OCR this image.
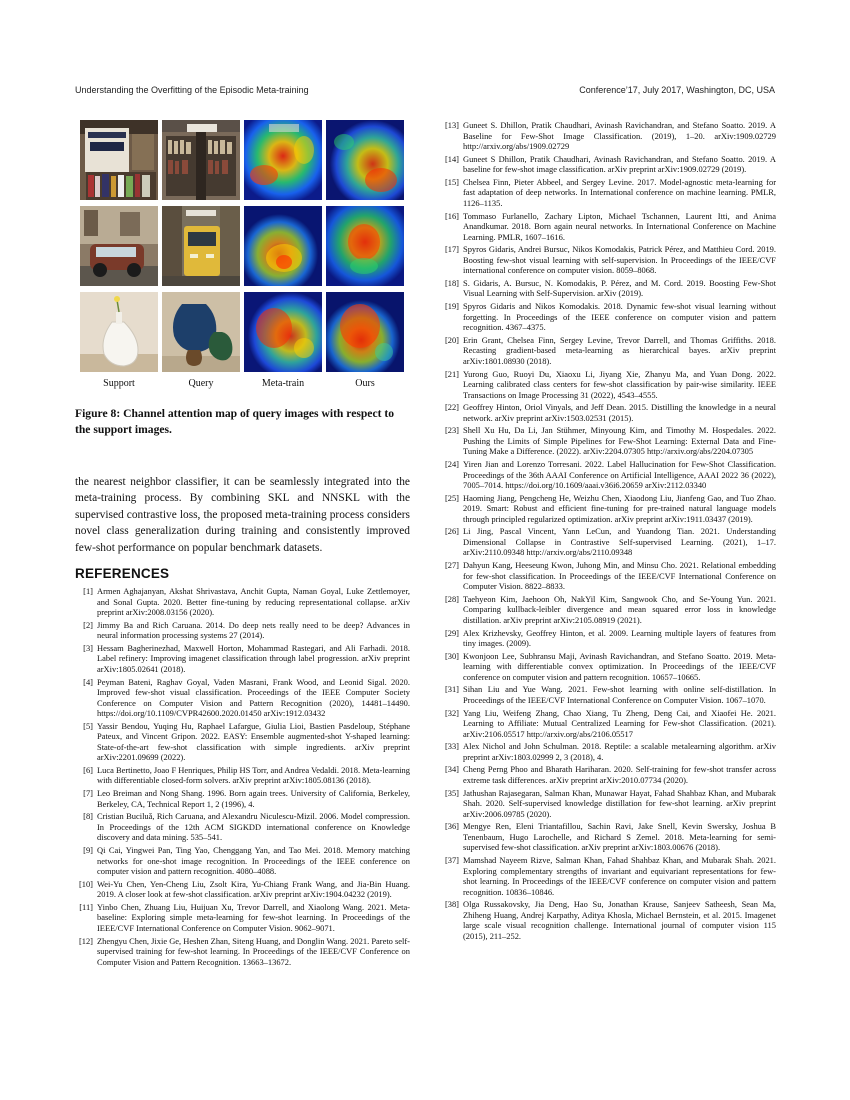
Understanding the Overfitting of the Episodic Meta-training	Conference’17, July 2017, Washington, DC, USA
Support	Query	Meta-train	Ours
Figure 8: Channel attention map of query images with respect to the support images.
the nearest neighbor classifier, it can be seamlessly integrated into the meta-training process. By combining SKL and NNSKL with the supervised contrastive loss, the proposed meta-training process considers novel class generalization during training and consistently improved few-shot performance on popular benchmark datasets.
REFERENCES
[1] Armen Aghajanyan, Akshat Shrivastava, Anchit Gupta, Naman Goyal, Luke Zettlemoyer, and Sonal Gupta. 2020. Better fine-tuning by reducing representational collapse. arXiv preprint arXiv:2008.03156 (2020).
[2] Jimmy Ba and Rich Caruana. 2014. Do deep nets really need to be deep? Advances in neural information processing systems 27 (2014).
[3] Hessam Bagherinezhad, Maxwell Horton, Mohammad Rastegari, and Ali Farhadi. 2018. Label refinery: Improving imagenet classification through label progression. arXiv preprint arXiv:1805.02641 (2018).
[4] Peyman Bateni, Raghav Goyal, Vaden Masrani, Frank Wood, and Leonid Sigal. 2020. Improved few-shot visual classification. Proceedings of the IEEE Computer Society Conference on Computer Vision and Pattern Recognition (2020), 14481–14490. https://doi.org/10.1109/CVPR42600.2020.01450 arXiv:1912.03432
[5] Yassir Bendou, Yuqing Hu, Raphael Lafargue, Giulia Lioi, Bastien Pasdeloup, Stéphane Pateux, and Vincent Gripon. 2022. EASY: Ensemble augmented-shot Y-shaped learning: State-of-the-art few-shot classification with simple ingredients. arXiv preprint arXiv:2201.09699 (2022).
[6] Luca Bertinetto, Joao F Henriques, Philip HS Torr, and Andrea Vedaldi. 2018. Meta-learning with differentiable closed-form solvers. arXiv preprint arXiv:1805.08136 (2018).
[7] Leo Breiman and Nong Shang. 1996. Born again trees. University of California, Berkeley, Berkeley, CA, Technical Report 1, 2 (1996), 4.
[8] Cristian Buciluǎ, Rich Caruana, and Alexandru Niculescu-Mizil. 2006. Model compression. In Proceedings of the 12th ACM SIGKDD international conference on Knowledge discovery and data mining. 535–541.
[9] Qi Cai, Yingwei Pan, Ting Yao, Chenggang Yan, and Tao Mei. 2018. Memory matching networks for one-shot image recognition. In Proceedings of the IEEE conference on computer vision and pattern recognition. 4080–4088.
[10] Wei-Yu Chen, Yen-Cheng Liu, Zsolt Kira, Yu-Chiang Frank Wang, and Jia-Bin Huang. 2019. A closer look at few-shot classification. arXiv preprint arXiv:1904.04232 (2019).
[11] Yinbo Chen, Zhuang Liu, Huijuan Xu, Trevor Darrell, and Xiaolong Wang. 2021. Meta-baseline: Exploring simple meta-learning for few-shot learning. In Proceedings of the IEEE/CVF International Conference on Computer Vision. 9062–9071.
[12] Zhengyu Chen, Jixie Ge, Heshen Zhan, Siteng Huang, and Donglin Wang. 2021. Pareto self-supervised training for few-shot learning. In Proceedings of the IEEE/CVF Conference on Computer Vision and Pattern Recognition. 13663–13672.
[13] Guneet S. Dhillon, Pratik Chaudhari, Avinash Ravichandran, and Stefano Soatto. 2019. A Baseline for Few-Shot Image Classification. (2019), 1–20. arXiv:1909.02729 http://arxiv.org/abs/1909.02729
[14] Guneet S Dhillon, Pratik Chaudhari, Avinash Ravichandran, and Stefano Soatto. 2019. A baseline for few-shot image classification. arXiv preprint arXiv:1909.02729 (2019).
[15] Chelsea Finn, Pieter Abbeel, and Sergey Levine. 2017. Model-agnostic meta-learning for fast adaptation of deep networks. In International conference on machine learning. PMLR, 1126–1135.
[16] Tommaso Furlanello, Zachary Lipton, Michael Tschannen, Laurent Itti, and Anima Anandkumar. 2018. Born again neural networks. In International Conference on Machine Learning. PMLR, 1607–1616.
[17] Spyros Gidaris, Andrei Bursuc, Nikos Komodakis, Patrick Pérez, and Matthieu Cord. 2019. Boosting few-shot visual learning with self-supervision. In Proceedings of the IEEE/CVF international conference on computer vision. 8059–8068.
[18] S. Gidaris, A. Bursuc, N. Komodakis, P. Pérez, and M. Cord. 2019. Boosting Few-Shot Visual Learning with Self-Supervision. arXiv (2019).
[19] Spyros Gidaris and Nikos Komodakis. 2018. Dynamic few-shot visual learning without forgetting. In Proceedings of the IEEE conference on computer vision and pattern recognition. 4367–4375.
[20] Erin Grant, Chelsea Finn, Sergey Levine, Trevor Darrell, and Thomas Griffiths. 2018. Recasting gradient-based meta-learning as hierarchical bayes. arXiv preprint arXiv:1801.08930 (2018).
[21] Yurong Guo, Ruoyi Du, Xiaoxu Li, Jiyang Xie, Zhanyu Ma, and Yuan Dong. 2022. Learning calibrated class centers for few-shot classification by pair-wise similarity. IEEE Transactions on Image Processing 31 (2022), 4543–4555.
[22] Geoffrey Hinton, Oriol Vinyals, and Jeff Dean. 2015. Distilling the knowledge in a neural network. arXiv preprint arXiv:1503.02531 (2015).
[23] Shell Xu Hu, Da Li, Jan Stühmer, Minyoung Kim, and Timothy M. Hospedales. 2022. Pushing the Limits of Simple Pipelines for Few-Shot Learning: External Data and Fine-Tuning Make a Difference. (2022). arXiv:2204.07305 http://arxiv.org/abs/2204.07305
[24] Yiren Jian and Lorenzo Torresani. 2022. Label Hallucination for Few-Shot Classification. Proceedings of the 36th AAAI Conference on Artificial Intelligence, AAAI 2022 36 (2022), 7005–7014. https://doi.org/10.1609/aaai.v36i6.20659 arXiv:2112.03340
[25] Haoming Jiang, Pengcheng He, Weizhu Chen, Xiaodong Liu, Jianfeng Gao, and Tuo Zhao. 2019. Smart: Robust and efficient fine-tuning for pre-trained natural language models through principled regularized optimization. arXiv preprint arXiv:1911.03437 (2019).
[26] Li Jing, Pascal Vincent, Yann LeCun, and Yuandong Tian. 2021. Understanding Dimensional Collapse in Contrastive Self-supervised Learning. (2021), 1–17. arXiv:2110.09348 http://arxiv.org/abs/2110.09348
[27] Dahyun Kang, Heeseung Kwon, Juhong Min, and Minsu Cho. 2021. Relational embedding for few-shot classification. In Proceedings of the IEEE/CVF International Conference on Computer Vision. 8822–8833.
[28] Taehyeon Kim, Jaehoon Oh, NakYil Kim, Sangwook Cho, and Se-Young Yun. 2021. Comparing kullback-leibler divergence and mean squared error loss in knowledge distillation. arXiv preprint arXiv:2105.08919 (2021).
[29] Alex Krizhevsky, Geoffrey Hinton, et al. 2009. Learning multiple layers of features from tiny images. (2009).
[30] Kwonjoon Lee, Subhransu Maji, Avinash Ravichandran, and Stefano Soatto. 2019. Meta-learning with differentiable convex optimization. In Proceedings of the IEEE/CVF conference on computer vision and pattern recognition. 10657–10665.
[31] Sihan Liu and Yue Wang. 2021. Few-shot learning with online self-distillation. In Proceedings of the IEEE/CVF International Conference on Computer Vision. 1067–1070.
[32] Yang Liu, Weifeng Zhang, Chao Xiang, Tu Zheng, Deng Cai, and Xiaofei He. 2021. Learning to Affiliate: Mutual Centralized Learning for Few-shot Classification. (2021). arXiv:2106.05517 http://arxiv.org/abs/2106.05517
[33] Alex Nichol and John Schulman. 2018. Reptile: a scalable metalearning algorithm. arXiv preprint arXiv:1803.02999 2, 3 (2018), 4.
[34] Cheng Perng Phoo and Bharath Hariharan. 2020. Self-training for few-shot transfer across extreme task differences. arXiv preprint arXiv:2010.07734 (2020).
[35] Jathushan Rajasegaran, Salman Khan, Munawar Hayat, Fahad Shahbaz Khan, and Mubarak Shah. 2020. Self-supervised knowledge distillation for few-shot learning. arXiv preprint arXiv:2006.09785 (2020).
[36] Mengye Ren, Eleni Triantafillou, Sachin Ravi, Jake Snell, Kevin Swersky, Joshua B Tenenbaum, Hugo Larochelle, and Richard S Zemel. 2018. Meta-learning for semi-supervised few-shot classification. arXiv preprint arXiv:1803.00676 (2018).
[37] Mamshad Nayeem Rizve, Salman Khan, Fahad Shahbaz Khan, and Mubarak Shah. 2021. Exploring complementary strengths of invariant and equivariant representations for few-shot learning. In Proceedings of the IEEE/CVF conference on computer vision and pattern recognition. 10836–10846.
[38] Olga Russakovsky, Jia Deng, Hao Su, Jonathan Krause, Sanjeev Satheesh, Sean Ma, Zhiheng Huang, Andrej Karpathy, Aditya Khosla, Michael Bernstein, et al. 2015. Imagenet large scale visual recognition challenge. International journal of computer vision 115 (2015), 211–252.
